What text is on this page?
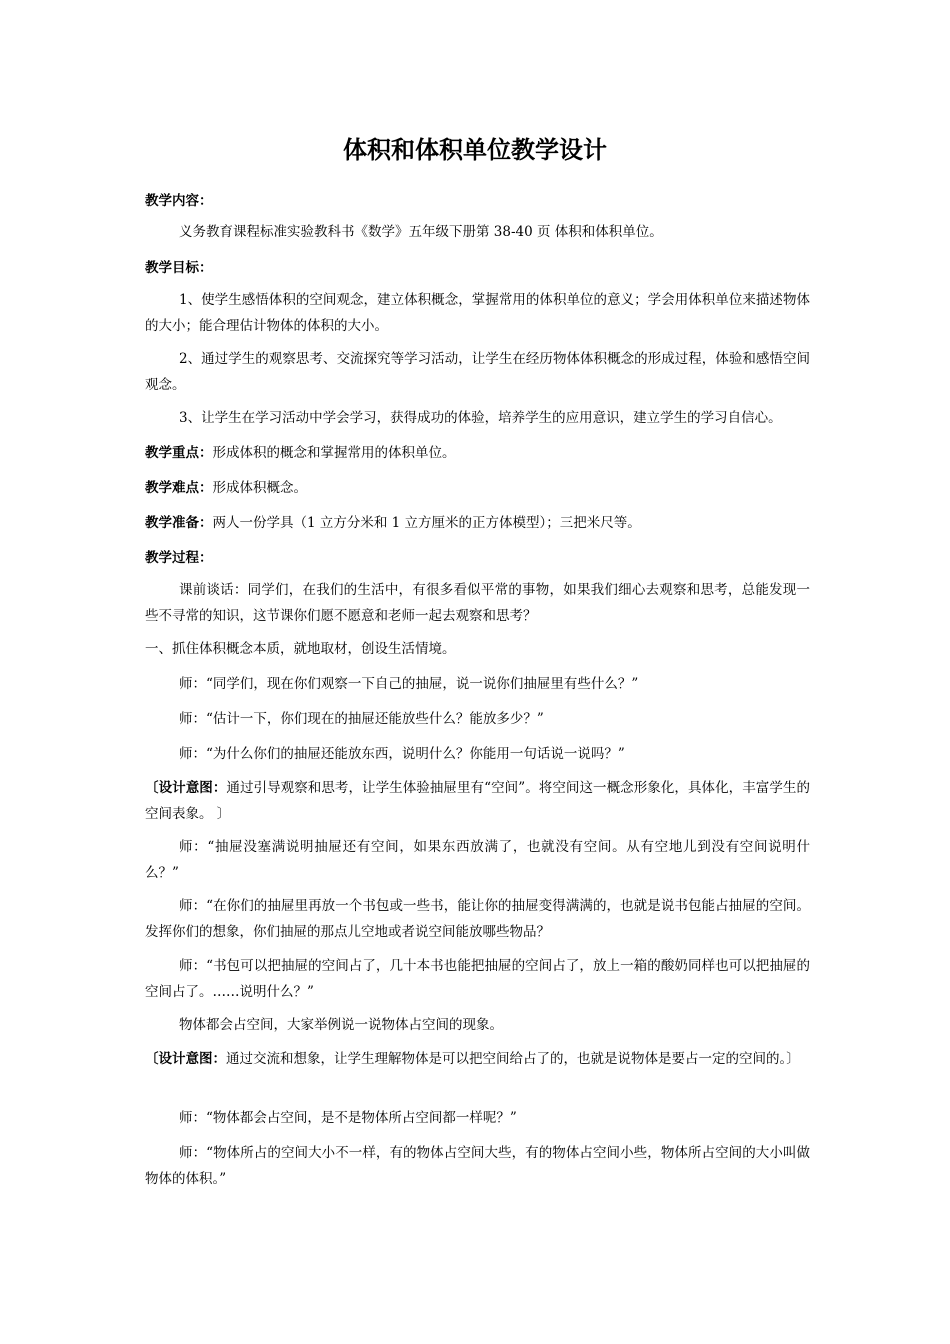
体积和体积单位教学设计
教学内容：
义务教育课程标准实验教科书《数学》五年级下册第 38-40 页 体积和体积单位。
教学目标：
1、使学生感悟体积的空间观念，建立体积概念，掌握常用的体积单位的意义；学会用体积单位来描述物体的大小；能合理估计物体的体积的大小。
2、通过学生的观察思考、交流探究等学习活动，让学生在经历物体体积概念的形成过程，体验和感悟空间观念。
3、让学生在学习活动中学会学习，获得成功的体验，培养学生的应用意识，建立学生的学习自信心。
教学重点：形成体积的概念和掌握常用的体积单位。
教学难点：形成体积概念。
教学准备：两人一份学具（1 立方分米和 1 立方厘米的正方体模型）；三把米尺等。
教学过程：
课前谈话：同学们，在我们的生活中，有很多看似平常的事物，如果我们细心去观察和思考，总能发现一些不寻常的知识，这节课你们愿不愿意和老师一起去观察和思考？
一、抓住体积概念本质，就地取材，创设生活情境。
师：“同学们，现在你们观察一下自己的抽屉，说一说你们抽屉里有些什么？”
师：“估计一下，你们现在的抽屉还能放些什么？能放多少？”
师：“为什么你们的抽屉还能放东西，说明什么？你能用一句话说一说吗？”
〔设计意图：通过引导观察和思考，让学生体验抽屉里有“空间”。将空间这一概念形象化，具体化，丰富学生的空间表象。 〕
师：“抽屉没塞满说明抽屉还有空间，如果东西放满了，也就没有空间。从有空地儿到没有空间说明什么？”
师：“在你们的抽屉里再放一个书包或一些书，能让你的抽屉变得满满的，也就是说书包能占抽屉的空间。发挥你们的想象，你们抽屉的那点儿空地或者说空间能放哪些物品？
师：“书包可以把抽屉的空间占了，几十本书也能把抽屉的空间占了，放上一箱的酸奶同样也可以把抽屉的空间占了。……说明什么？”
物体都会占空间，大家举例说一说物体占空间的现象。
〔设计意图：通过交流和想象，让学生理解物体是可以把空间给占了的，也就是说物体是要占一定的空间的。〕
师：“物体都会占空间，是不是物体所占空间都一样呢？”
师：“物体所占的空间大小不一样，有的物体占空间大些，有的物体占空间小些，物体所占空间的大小叫做物体的体积。”
